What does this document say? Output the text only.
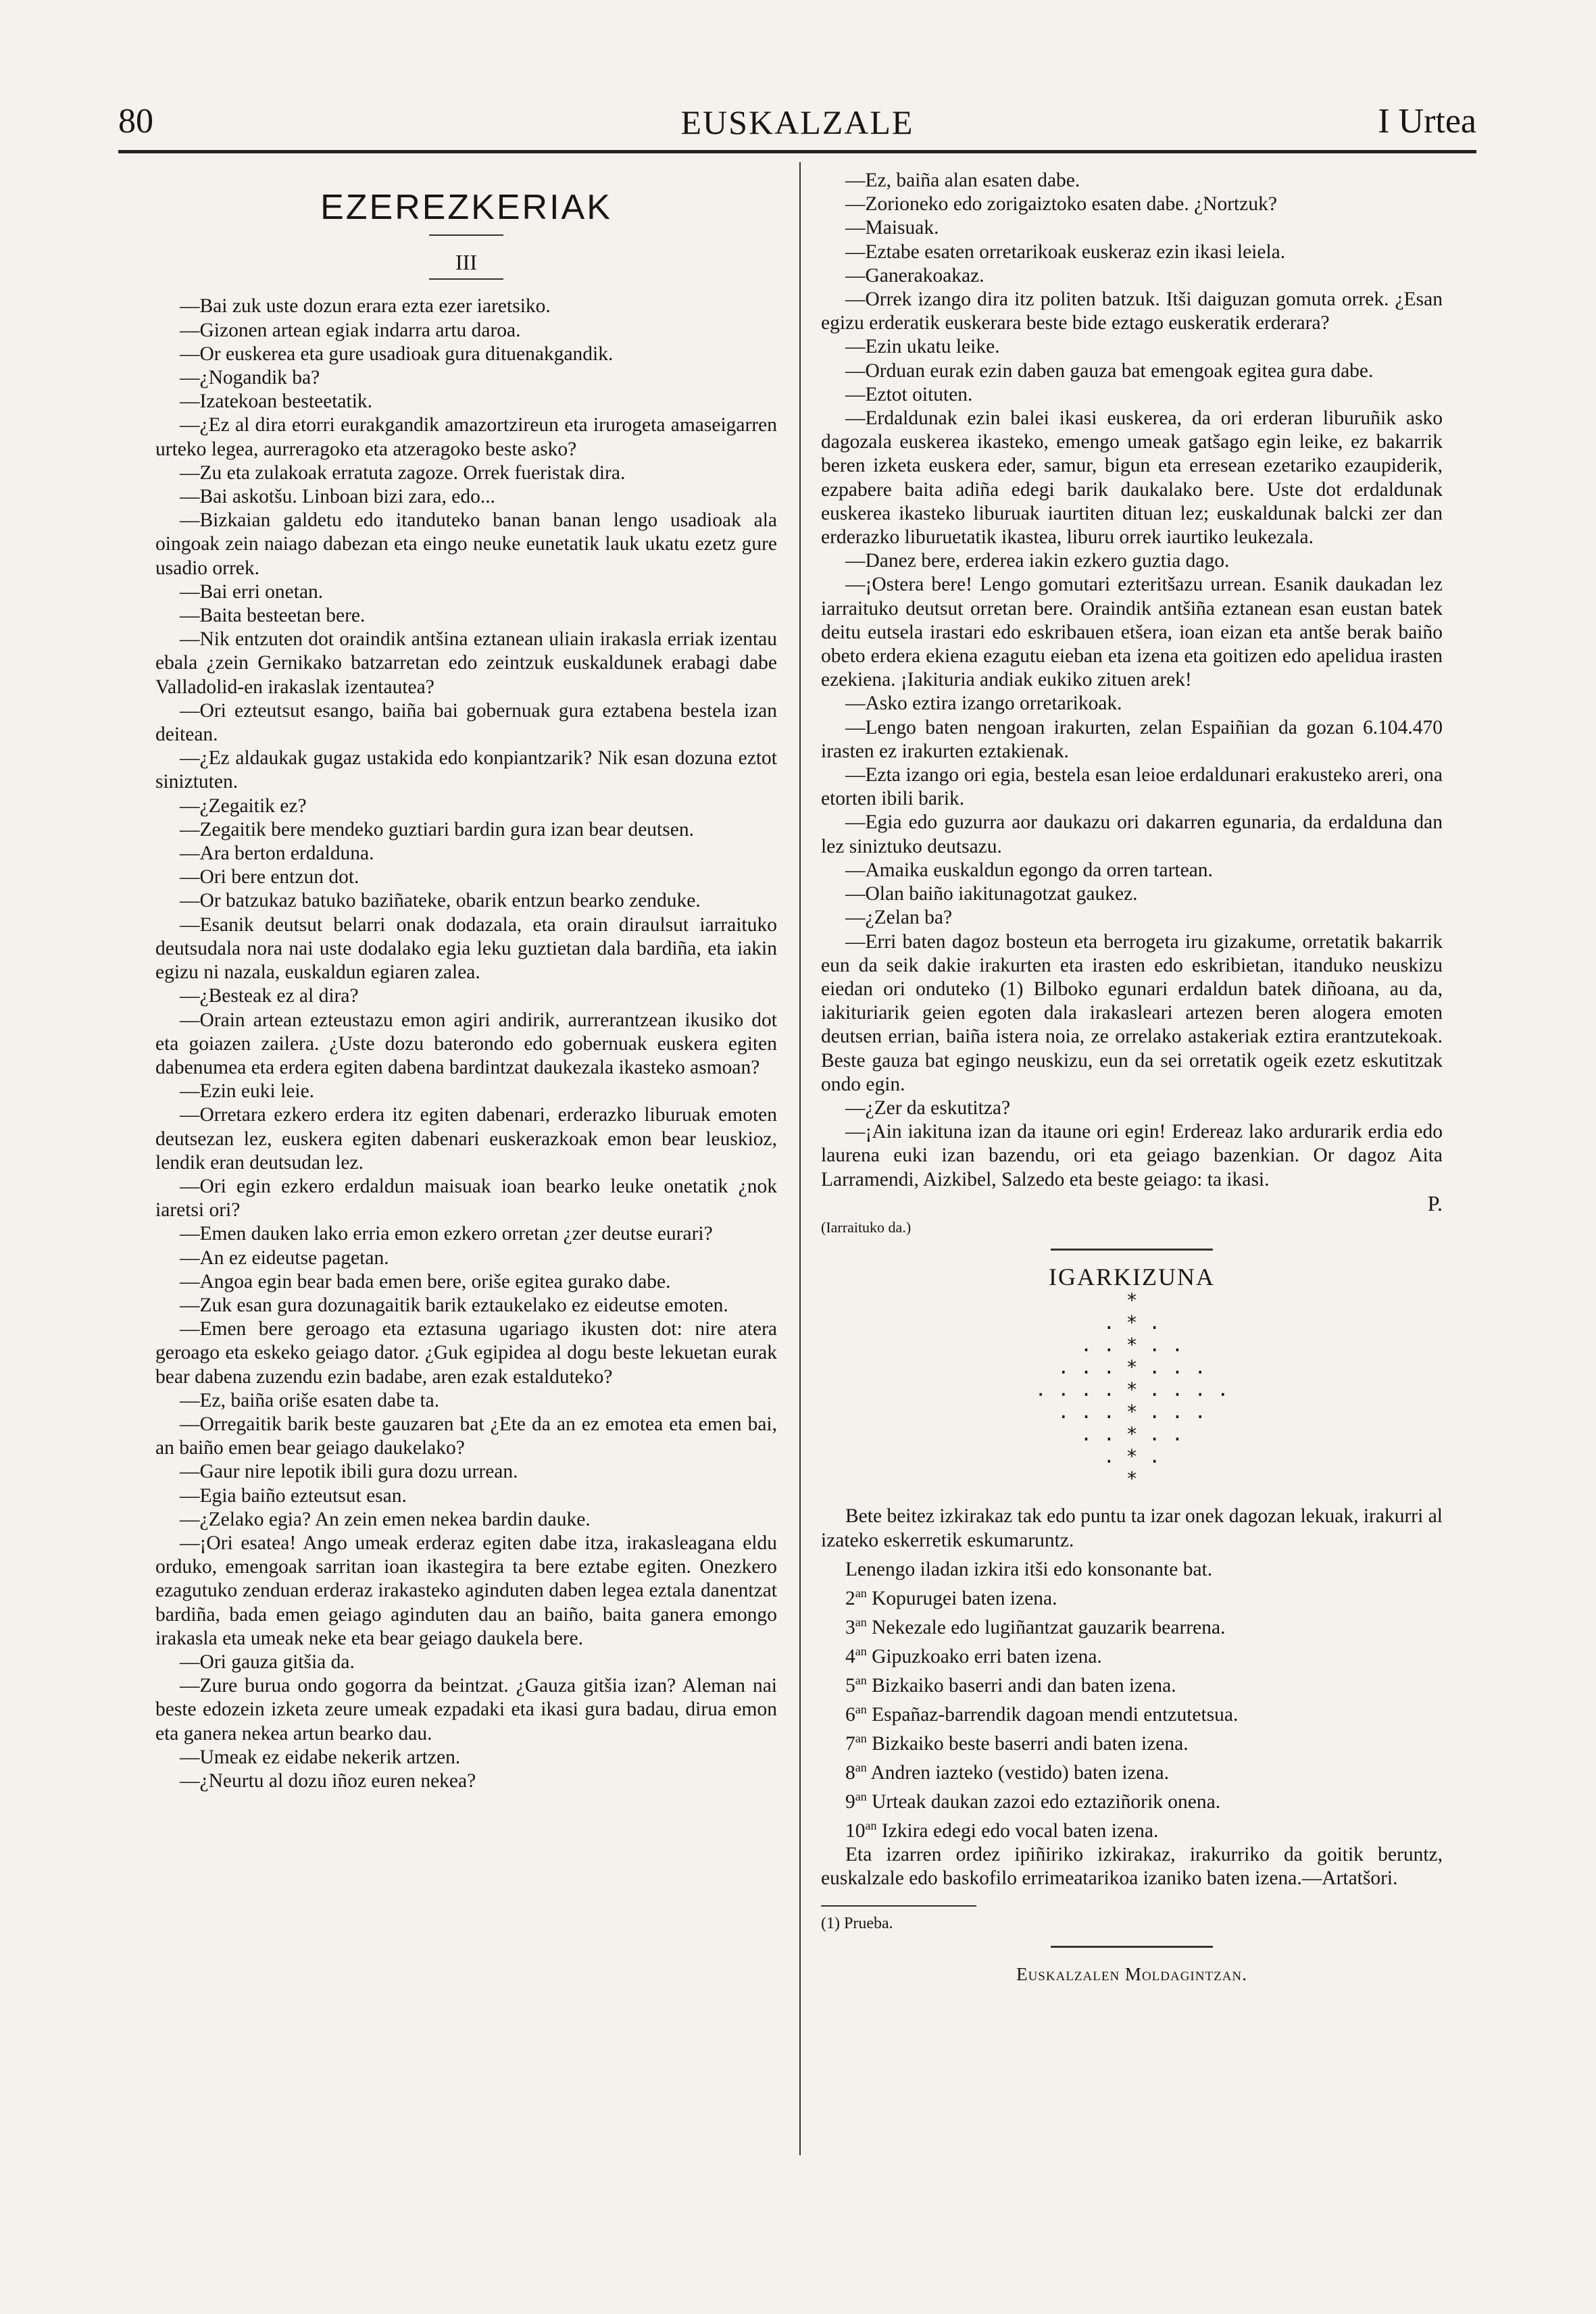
80	EUSKALZALE	I Urtea
EZEREZKERIAK

III

—Bai zuk uste dozun erara ezta ezer iaretsiko.

—Gizonen artean egiak indarra artu daroa.

—Or euskerea eta gure usadioak gura dituenakgandik.

—¿Nogandik ba?

—Izatekoan besteetatik.

—¿Ez al dira etorri eurakgandik amazortzireun eta irurogeta amaseigarren urteko legea, aurreragoko eta atzeragoko beste asko?

—Zu eta zulakoak erratuta zagoze. Orrek fueristak dira.

—Bai askotšu. Linboan bizi zara, edo...

—Bizkaian galdetu edo itanduteko banan banan lengo usadioak ala oingoak zein naiago dabezan eta eingo neuke eunetatik lauk ukatu ezetz gure usadio orrek.

—Bai erri onetan.

—Baita besteetan bere.

—Nik entzuten dot oraindik antšina eztanean uliain irakasla erriak izentau ebala ¿zein Gernikako batzarretan edo zeintzuk euskaldunek erabagi dabe Valladolid-en irakaslak izentautea?

—Ori ezteutsut esango, baiña bai gobernuak gura eztabena bestela izan deitean.

—¿Ez aldaukak gugaz ustakida edo konpiantzarik? Nik esan dozuna eztot siniztuten.

—¿Zegaitik ez?

—Zegaitik bere mendeko guztiari bardin gura izan bear deutsen.

—Ara berton erdalduna.

—Ori bere entzun dot.

—Or batzukaz batuko baziñateke, obarik entzun bearko zenduke.

—Esanik deutsut belarri onak dodazala, eta orain diraulsut iarraituko deutsudala nora nai uste dodalako egia leku guztietan dala bardiña, eta iakin egizu ni nazala, euskaldun egiaren zalea.

—¿Besteak ez al dira?

—Orain artean ezteustazu emon agiri andirik, aurrerantzean ikusiko dot eta goiazen zailera. ¿Uste dozu baterondo edo gobernuak euskera egiten dabenumea eta erdera egiten dabena bardintzat daukezala ikasteko asmoan?

—Ezin euki leie.

—Orretara ezkero erdera itz egiten dabenari, erderazko liburuak emoten deutsezan lez, euskera egiten dabenari euskerazkoak emon bear leuskioz, lendik eran deutsudan lez.

—Ori egin ezkero erdaldun maisuak ioan bearko leuke onetatik ¿nok iaretsi ori?

—Emen dauken lako erria emon ezkero orretan ¿zer deutse eurari?

—An ez eideutse pagetan.

—Angoa egin bear bada emen bere, oriše egitea gurako dabe.

—Zuk esan gura dozunagaitik barik eztaukelako ez eideutse emoten.

—Emen bere geroago eta eztasuna ugariago ikusten dot: nire atera geroago eta eskeko geiago dator. ¿Guk egipidea al dogu beste lekuetan eurak bear dabena zuzendu ezin badabe, aren ezak estalduteko?

—Ez, baiña oriše esaten dabe ta.

—Orregaitik barik beste gauzaren bat ¿Ete da an ez emotea eta emen bai, an baiño emen bear geiago daukelako?

—Gaur nire lepotik ibili gura dozu urrean.

—Egia baiño ezteutsut esan.

—¿Zelako egia? An zein emen nekea bardin dauke.

—¡Ori esatea! Ango umeak erderaz egiten dabe itza, irakasleagana eldu orduko, emengoak sarritan ioan ikastegira ta bere eztabe egiten. Onezkero ezagutuko zenduan erderaz irakasteko aginduten daben legea eztala danentzat bardiña, bada emen geiago aginduten dau an baiño, baita ganera emongo irakasla eta umeak neke eta bear geiago daukela bere.

—Ori gauza gitšia da.

—Zure burua ondo gogorra da beintzat. ¿Gauza gitšia izan? Aleman nai beste edozein izketa zeure umeak ezpadaki eta ikasi gura badau, dirua emon eta ganera nekea artun bearko dau.

—Umeak ez eidabe nekerik artzen.

—¿Neurtu al dozu iñoz euren nekea?

—Ez, baiña alan esaten dabe.

—Zorioneko edo zorigaiztoko esaten dabe. ¿Nortzuk?

—Maisuak.

—Eztabe esaten orretarikoak euskeraz ezin ikasi leiela.

—Ganerakoakaz.

—Orrek izango dira itz politen batzuk. Itši daiguzan gomuta orrek. ¿Esan egizu erderatik euskerara beste bide eztago euskeratik erderara?

—Ezin ukatu leike.

—Orduan eurak ezin daben gauza bat emengoak egitea gura dabe.

—Eztot oituten.

—Erdaldunak ezin balei ikasi euskerea, da ori erderan liburuñik asko dagozala euskerea ikasteko, emengo umeak gatšago egin leike, ez bakarrik beren izketa euskera eder, samur, bigun eta erresean ezetariko ezaupiderik, ezpabere baita adiña edegi barik daukalako bere. Uste dot erdaldunak euskerea ikasteko liburuak iaurtiten dituan lez; euskaldunak balcki zer dan erderazko liburuetatik ikastea, liburu orrek iaurtiko leukezala.

—Danez bere, erderea iakin ezkero guztia dago.

—¡Ostera bere! Lengo gomutari ezteritšazu urrean. Esanik daukadan lez iarraituko deutsut orretan bere. Oraindik antšiña eztanean esan eustan batek deitu eutsela irastari edo eskribauen etšera, ioan eizan eta antše berak baiño obeto erdera ekiena ezagutu eieban eta izena eta goitizen edo apelidua irasten ezekiena. ¡Iakituria andiak eukiko zituen arek!

—Asko eztira izango orretarikoak.

—Lengo baten nengoan irakurten, zelan Espaiñian da gozan 6.104.470 irasten ez irakurten eztakienak.

—Ezta izango ori egia, bestela esan leioe erdaldunari erakusteko areri, ona etorten ibili barik.

—Egia edo guzurra aor daukazu ori dakarren egunaria, da erdalduna dan lez siniztuko deutsazu.

—Amaika euskaldun egongo da orren tartean.

—Olan baiño iakitunagotzat gaukez.

—¿Zelan ba?

—Erri baten dagoz bosteun eta berrogeta iru gizakume, orretatik bakarrik eun da seik dakie irakurten eta irasten edo eskribietan, itanduko neuskizu eiedan ori onduteko (1) Bilboko egunari erdaldun batek diñoana, au da, iakituriarik geien egoten dala irakasleari artezen beren alogera emoten deutsen errian, baiña istera noia, ze orrelako astakeriak eztira erantzutekoak. Beste gauza bat egingo neuskizu, eun da sei orretatik ogeik ezetz eskutitzak ondo egin.

—¿Zer da eskutitza?

—¡Ain iakituna izan da itaune ori egin! Erdereaz lako ardurarik erdia edo laurena euki izan bazendu, ori eta geiago bazenkian. Or dagoz Aita Larramendi, Aizkibel, Salzedo eta beste geiago: ta ikasi.

P.

(Iarraituko da.)

IGARKIZUNA

*
. * .
. . * . .
. . . * . . .
. . . . * . . . .
. . . * . . .
. . * . .
. * .
*

Bete beitez izkirakaz tak edo puntu ta izar onek dagozan lekuak, irakurri al izateko eskerretik eskumaruntz.

Lenengo iladan izkira itši edo konsonante bat.

$2^{an}$ Kopurugei baten izena.

$3^{an}$ Nekezale edo lugiñantzat gauzarik bearrena.

$4^{an}$ Gipuzkoako erri baten izena.

$5^{an}$ Bizkaiko baserri andi dan baten izena.

$6^{an}$ Españaz-barrendik dagoan mendi entzutetsua.

$7^{an}$ Bizkaiko beste baserri andi baten izena.

$8^{an}$ Andren iazteko (vestido) baten izena.

$9^{an}$ Urteak daukan zazoi edo eztaziñorik onena.

$10^{an}$ Izkira edegi edo vocal baten izena.

Eta izarren ordez ipiñiriko izkirakaz, irakurriko da goitik beruntz, euskalzale edo baskofilo errimeatarikoa izaniko baten izena.—Artatšori.

(1) Prueba.

Euskalzalen Moldagintzan.
